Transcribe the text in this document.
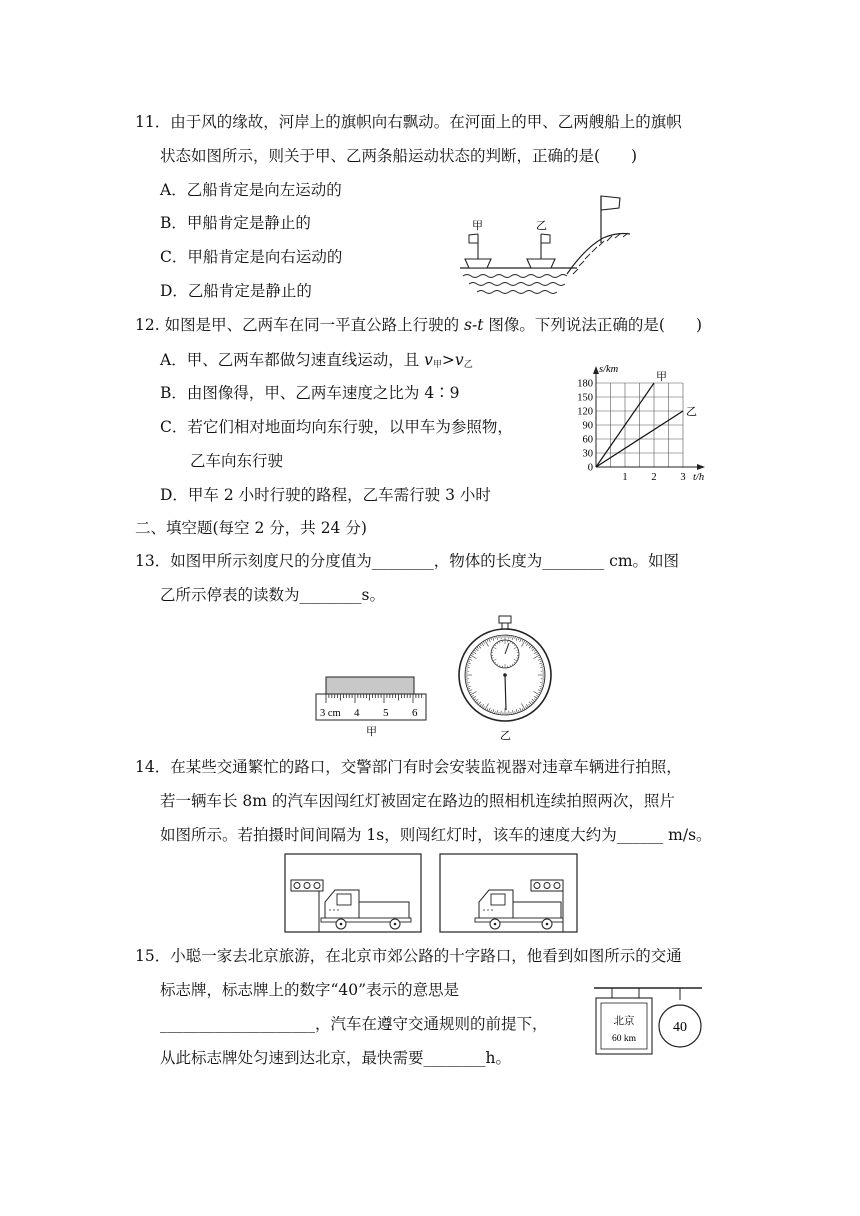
11．由于风的缘故，河岸上的旗帜向右飘动。在河面上的甲、乙两艘船上的旗帜
状态如图所示，则关于甲、乙两条船运动状态的判断，正确的是(　　)
A．乙船肯定是向左运动的
B．甲船肯定是静止的
C．甲船肯定是向右运动的
D．乙船肯定是静止的
甲	乙
12. 如图是甲、乙两车在同一平直公路上行驶的 s-t 图像。下列说法正确的是(　　)
A．甲、乙两车都做匀速直线运动，且 $v_甲>v_乙$
B．由图像得，甲、乙两车速度之比为 4∶9
C．若它们相对地面均向东行驶，以甲车为参照物，
乙车向东行驶
D．甲车 2 小时行驶的路程，乙车需行驶 3 小时
0
30
60
90
120
150
180
1 2 3
s/km
t/h
甲
乙
二、填空题(每空 2 分，共 24 分)
13．如图甲所示刻度尺的分度值为________，物体的长度为________ cm。如图
乙所示停表的读数为________s。
3 cm 4 5 6
甲	乙
14．在某些交通繁忙的路口，交警部门有时会安装监视器对违章车辆进行拍照，
若一辆车长 8m 的汽车因闯红灯被固定在路边的照相机连续拍照两次，照片
如图所示。若拍摄时间间隔为 1s，则闯红灯时，该车的速度大约为______ m/s。
15．小聪一家去北京旅游，在北京市郊公路的十字路口，他看到如图所示的交通
标志牌，标志牌上的数字“40”表示的意思是
____________________，汽车在遵守交通规则的前提下，
从此标志牌处匀速到达北京，最快需要________h。
北京
60 km
40
